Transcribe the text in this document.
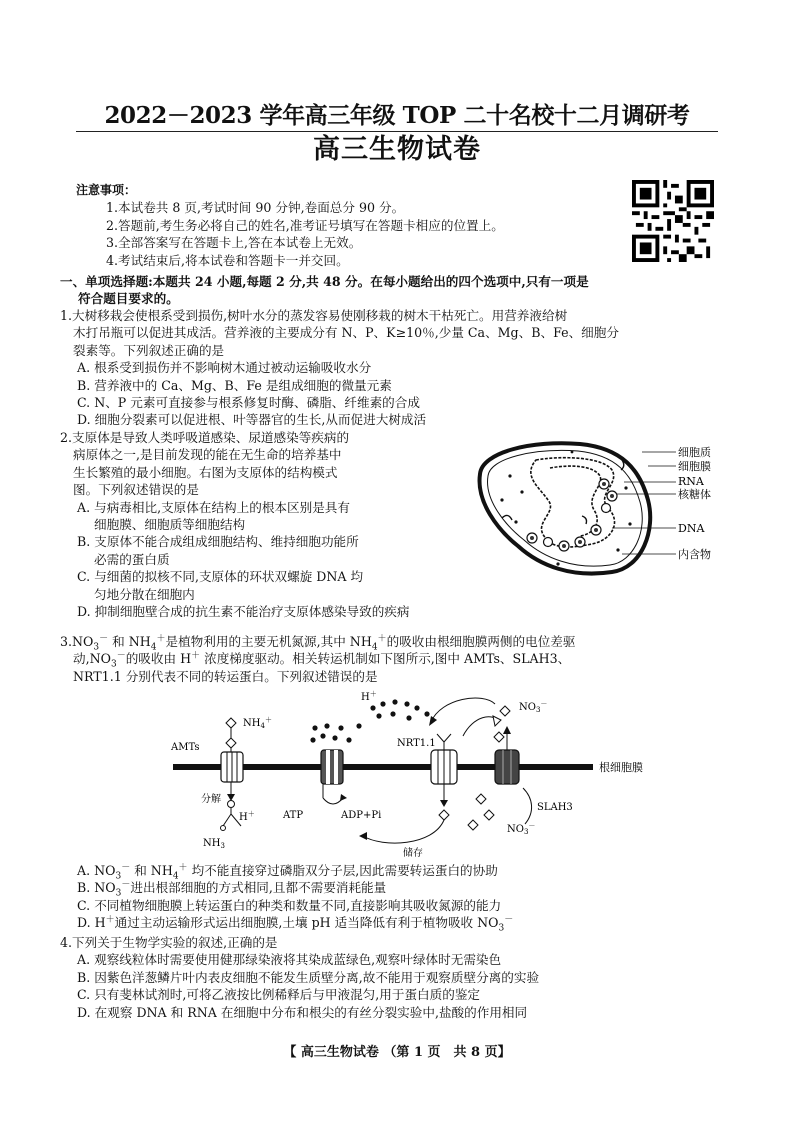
2022－2023 学年高三年级 TOP 二十名校十二月调研考
高三生物试卷
注意事项：
1.本试卷共 8 页,考试时间 90 分钟,卷面总分 90 分。
2.答题前,考生务必将自己的姓名,准考证号填写在答题卡相应的位置上。
3.全部答案写在答题卡上,答在本试卷上无效。
4.考试结束后,将本试卷和答题卡一并交回。
一、单项选择题:本题共 24 小题,每题 2 分,共 48 分。在每小题给出的四个选项中,只有一项是
符合题目要求的。
1.大树移栽会使根系受到损伤,树叶水分的蒸发容易使刚移栽的树木干枯死亡。用营养液给树
木打吊瓶可以促进其成活。营养液的主要成分有 N、P、K≥10％,少量 Ca、Mg、B、Fe、细胞分
裂素等。下列叙述正确的是
A. 根系受到损伤并不影响树木通过被动运输吸收水分
B. 营养液中的 Ca、Mg、B、Fe 是组成细胞的微量元素
C. N、P 元素可直接参与根系修复时酶、磷脂、纤维素的合成
D. 细胞分裂素可以促进根、叶等器官的生长,从而促进大树成活
2.支原体是导致人类呼吸道感染、尿道感染等疾病的
病原体之一,是目前发现的能在无生命的培养基中
生长繁殖的最小细胞。右图为支原体的结构模式
图。下列叙述错误的是
A. 与病毒相比,支原体在结构上的根本区别是具有
细胞膜、细胞质等细胞结构
B. 支原体不能合成组成细胞结构、维持细胞功能所
必需的蛋白质
C. 与细菌的拟核不同,支原体的环状双螺旋 DNA 均
匀地分散在细胞内
D. 抑制细胞壁合成的抗生素不能治疗支原体感染导致的疾病
细胞质
细胞膜
RNA
核糖体
DNA
内含物
$3.NO_3^-$ 和 $NH_4^+$是植物利用的主要无机氮源,其中 $NH_4^+$的吸收由根细胞膜两侧的电位差驱
动$,NO_3^-$的吸收由 H＋ 浓度梯度驱动。相关转运机制如下图所示,图中 AMTs、SLAH3、
NRT1.1 分别代表不同的转运蛋白。下列叙述错误的是
$NH_4^+$
AMTs
分解
H＋
$NH_3$
H＋
ATP	ADP+Pi
NRT1.1
$NO_3^-$
储存
SLAH3
$NO_3^-$
根细胞膜
A. $NO_3^-$ 和 $NH_4^+$ 均不能直接穿过磷脂双分子层,因此需要转运蛋白的协助
B. $NO_3^-$进出根部细胞的方式相同,且都不需要消耗能量
C. 不同植物细胞膜上转运蛋白的种类和数量不同,直接影响其吸收氮源的能力
D. H＋通过主动运输形式运出细胞膜,土壤 pH 适当降低有利于植物吸收 $NO_3^-$
4.下列关于生物学实验的叙述,正确的是
A. 观察线粒体时需要使用健那绿染液将其染成蓝绿色,观察叶绿体时无需染色
B. 因紫色洋葱鳞片叶内表皮细胞不能发生质壁分离,故不能用于观察质壁分离的实验
C. 只有斐林试剂时,可将乙液按比例稀释后与甲液混匀,用于蛋白质的鉴定
D. 在观察 DNA 和 RNA 在细胞中分布和根尖的有丝分裂实验中,盐酸的作用相同
【 高三生物试卷 （第 1 页　共 8 页】
